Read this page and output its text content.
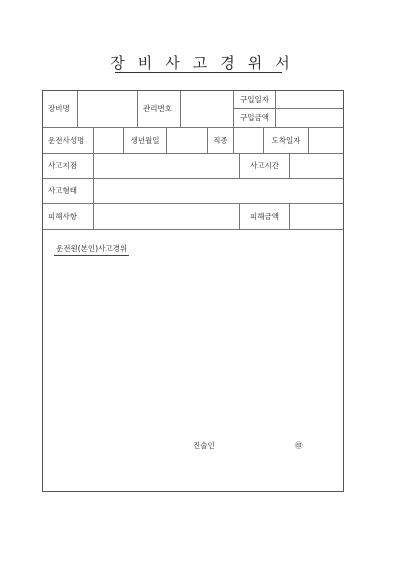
장비사고경위서
장비명	관리번호
구입일자
구입금액
운전사성명	생년월일	직종	도착일자
사고지점	사고시간
사고형태
피해사항	피해금액
운전원(본인)사고경위
진술인	㊞
